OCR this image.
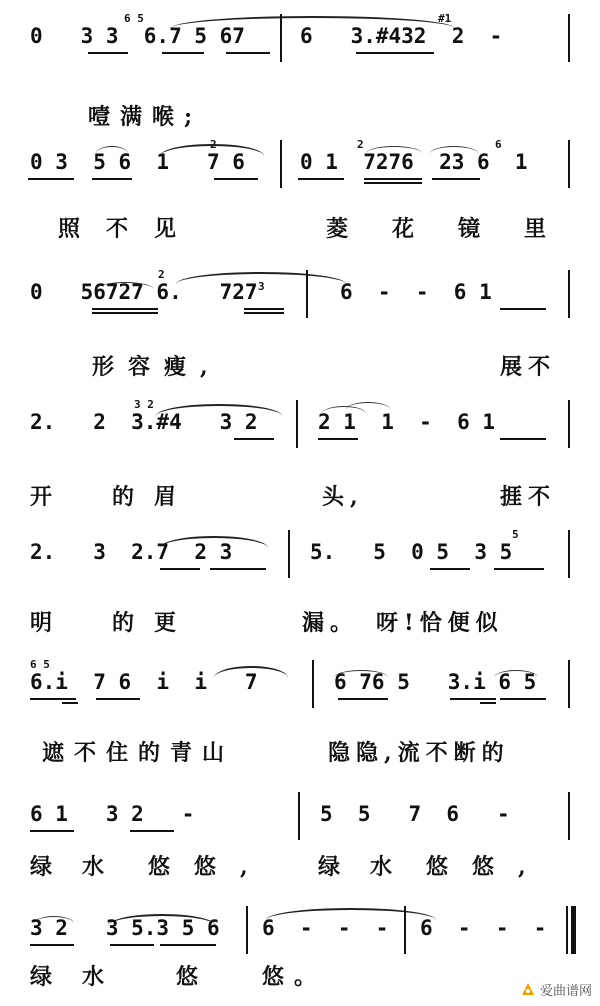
6 5	#1
0   3 3  6.7 5 67	6   3.#432  2  -
噎满喉;
2	2	6
0 3  5 6  1   7 6	0 1  7276  23 6  1
照不见	菱花镜里
2
3
0   56727 6.   727	6  -  -  6 1
形容瘦,	展不
3 2
2.   2  3.#4   3 2	2 1  1  -  6 1
开 的眉	头,	捱不
5
2.   3  2.7  2 3	5.   5  0 5  3 5
明 的更	漏。 呀!恰便似
6 5
6.i  7 6  i  i   7	6 76 5   3.i 6 5
遮不住的青山	隐隐,流不断的
6 1   3 2   -	5  5   7  6   -
绿水 悠悠, 绿水 悠悠,
3 2   3 5.3 5 6 6  -  -  - 6  -  -  -
绿水 悠 悠。
爱曲谱网
